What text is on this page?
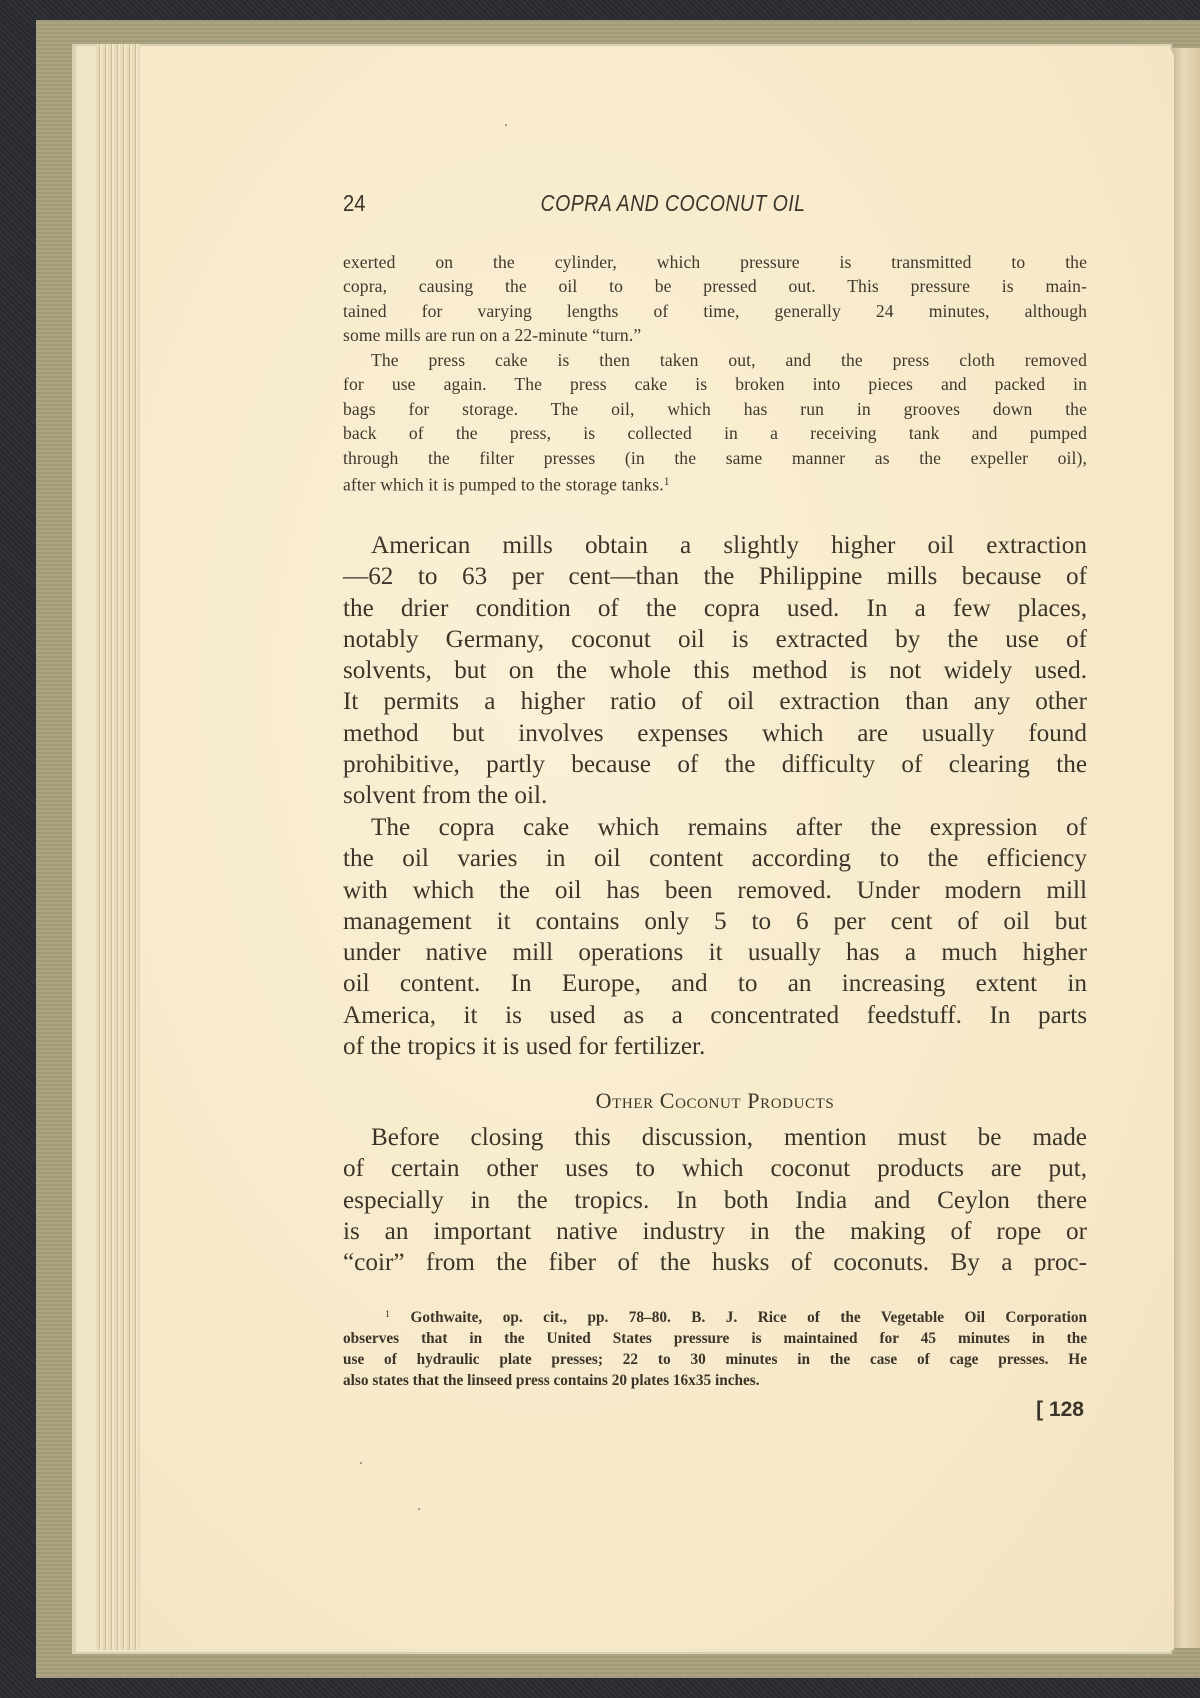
24	COPRA AND COCONUT OIL
exerted on the cylinder, which pressure is transmitted to the
copra, causing the oil to be pressed out. This pressure is main-
tained for varying lengths of time, generally 24 minutes, although
some mills are run on a 22-minute “turn.”
The press cake is then taken out, and the press cloth removed
for use again. The press cake is broken into pieces and packed in
bags for storage. The oil, which has run in grooves down the
back of the press, is collected in a receiving tank and pumped
through the filter presses (in the same manner as the expeller oil),
after which it is pumped to the storage tanks.$^1$
American mills obtain a slightly higher oil extraction
—62 to 63 per cent—than the Philippine mills because of
the drier condition of the copra used. In a few places,
notably Germany, coconut oil is extracted by the use of
solvents, but on the whole this method is not widely used.
It permits a higher ratio of oil extraction than any other
method but involves expenses which are usually found
prohibitive, partly because of the difficulty of clearing the
solvent from the oil.
The copra cake which remains after the expression of
the oil varies in oil content according to the efficiency
with which the oil has been removed. Under modern mill
management it contains only 5 to 6 per cent of oil but
under native mill operations it usually has a much higher
oil content. In Europe, and to an increasing extent in
America, it is used as a concentrated feedstuff. In parts
of the tropics it is used for fertilizer.
Other Coconut Products
Before closing this discussion, mention must be made
of certain other uses to which coconut products are put,
especially in the tropics. In both India and Ceylon there
is an important native industry in the making of rope or
“coir” from the fiber of the husks of coconuts. By a proc-
$^1$ Gothwaite, op. cit., pp. 78–80. B. J. Rice of the Vegetable Oil Corporation
observes that in the United States pressure is maintained for 45 minutes in the
use of hydraulic plate presses; 22 to 30 minutes in the case of cage presses. He
also states that the linseed press contains 20 plates 16x35 inches.
[ 128
